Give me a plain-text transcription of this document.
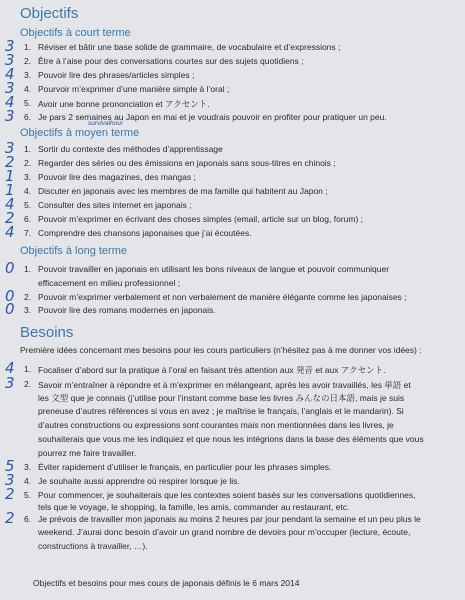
Objectifs
Objectifs à court terme
3	1. Réviser et bâtir une base solide de grammaire, de vocabulaire et d’expressions ;
3	2. Être à l’aise pour des conversations courtes sur des sujets quotidiens ;
4	3. Pouvoir lire des phrases/articles simples ;
3	4. Pourvoir m’exprimer d’une manière simple à l’oral ;
4	5. Avoir une bonne prononciation et アクセント.
3	6. Je pars 2 semaines au Japon en mai et je voudrais pouvoir en profiter pour pratiquer un peu.
survivalhour
Objectifs à moyen terme
3	1. Sortir du contexte des méthodes d’apprentissage
2	2. Regarder des séries ou des émissions en japonais sans sous-titres en chinois ;
1	3. Pouvoir lire des magazines, des mangas ;
1	4. Discuter en japonais avec les membres de ma famille qui habitent au Japon ;
4	5. Consulter des sites internet en japonais ;
2	6. Pouvoir m’exprimer en écrivant des choses simples (email, article sur un blog, forum) ;
4	7. Comprendre des chansons japonaises que j’ai écoutées.
Objectifs à long terme
0	1. Pouvoir travailler en japonais en utilisant les bons niveaux de langue et pouvoir communiquer
efficacement en milieu professionnel ;
0	2. Pouvoir m’exprimer verbalement et non verbalement de manière élégante comme les japonaises ;
0	3. Pouvoir lire des romans modernes en japonais.
Besoins
Première idées concernant mes besoins pour les cours particuliers (n’hésitez pas à me donner vos idées) :
4	1. Focaliser d’abord sur la pratique à l’oral en faisant très attention aux 発音 et aux アクセント.
3	2. Savoir m’entraîner à répondre et à m’exprimer en mélangeant, après les avoir travaillés, les 単語 et
les 文型 que je connais (j’utilise pour l’instant comme base les livres みんなの日本語, mais je suis
preneuse d’autres références si vous en avez ; je maîtrise le français, l’anglais et le mandarin). Si
d’autres constructions ou expressions sont courantes mais non mentionnées dans les livres, je
souhaiterais que vous me les indiquiez et que nous les intégrions dans la base des éléments que vous
pourrez me faire travailler.
5	3. Éviter rapidement d’utiliser le français, en particulier pour les phrases simples.
3	4. Je souhaite aussi apprendre où respirer lorsque je lis.
2	5. Pour commencer, je souhaiterais que les contextes soient basés sur les conversations quotidiennes,
tels que le voyage, le shopping, la famille, les amis, commander au restaurant, etc.
2	6. Je prévois de travailler mon japonais au moins 2 heures par jour pendant la semaine et un peu plus le
weekend. J’aurai donc besoin d’avoir un grand nombre de devoirs pour m’occuper (lecture, écoute,
constructions à travailler, …).
Objectifs et besoins pour mes cours de japonais définis le 6 mars 2014
